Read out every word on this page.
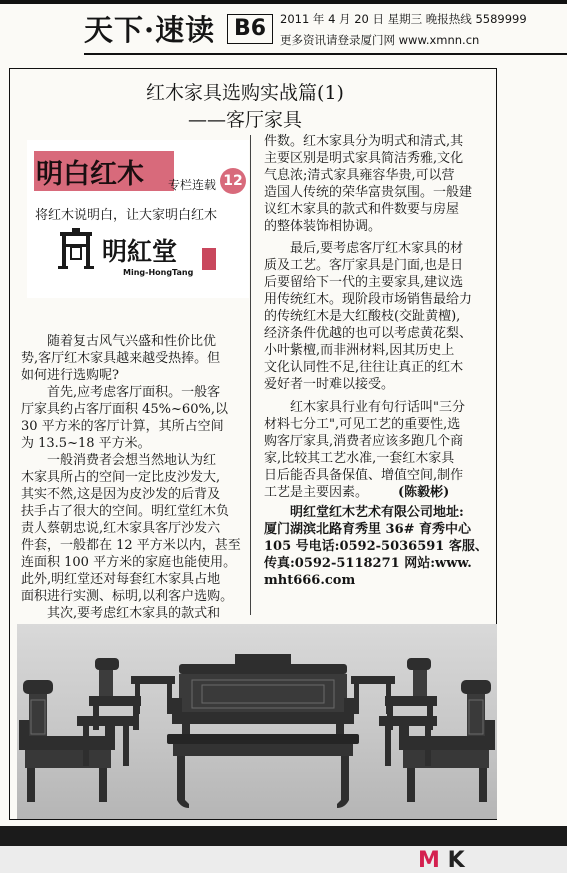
天下·速读 B6	2011 年 4 月 20 日 星期三 晚报热线 5589999
更多资讯请登录厦门网 www.xmnn.cn
红木家具选购实战篇(1)
——客厅家具
明白红木 专栏连载 12
将红木说明白，让大家明白红木
明紅堂
Ming-HongTang

随着复古风气兴盛和性价比优

势,客厅红木家具越来越受热捧。但

如何进行选购呢?

首先,应考虑客厅面积。一般客

厅家具约占客厅面积 45%~60%,以

30 平方米的客厅计算，其所占空间

为 13.5~18 平方米。

一般消费者会想当然地认为红

木家具所占的空间一定比皮沙发大,

其实不然,这是因为皮沙发的后背及

扶手占了很大的空间。明红堂红木负

责人蔡朝忠说,红木家具客厅沙发六

件套，一般都在 12 平方米以内，甚至

连面积 100 平方米的家庭也能使用。

此外,明红堂还对每套红木家具占地

面积进行实测、标明,以利客户选购。

其次,要考虑红木家具的款式和

件数。红木家具分为明式和清式,其

主要区别是明式家具简洁秀雅,文化

气息浓;清式家具雍容华贵,可以营

造国人传统的荣华富贵氛围。一般建

议红木家具的款式和件数要与房屋

的整体装饰相协调。

最后,要考虑客厅红木家具的材

质及工艺。客厅家具是门面,也是日

后要留给下一代的主要家具,建议选

用传统红木。现阶段市场销售最给力

的传统红木是大红酸枝(交趾黄檀),

经济条件优越的也可以考虑黄花梨、

小叶紫檀,而非洲材料,因其历史上

文化认同性不足,往往让真正的红木

爱好者一时难以接受。

红木家具行业有句行话叫"三分

材料七分工",可见工艺的重要性,选

购客厅家具,消费者应该多跑几个商

家,比较其工艺水准,一套红木家具

日后能否具备保值、增值空间,制作

工艺是主要因素。 (陈毅彬)

明红堂红木艺术有限公司地址:

厦门湖滨北路育秀里 36# 育秀中心

105 号电话:0592-5036591 客服、

传真:0592-5118271 网站:www.

mht666.com

M K
